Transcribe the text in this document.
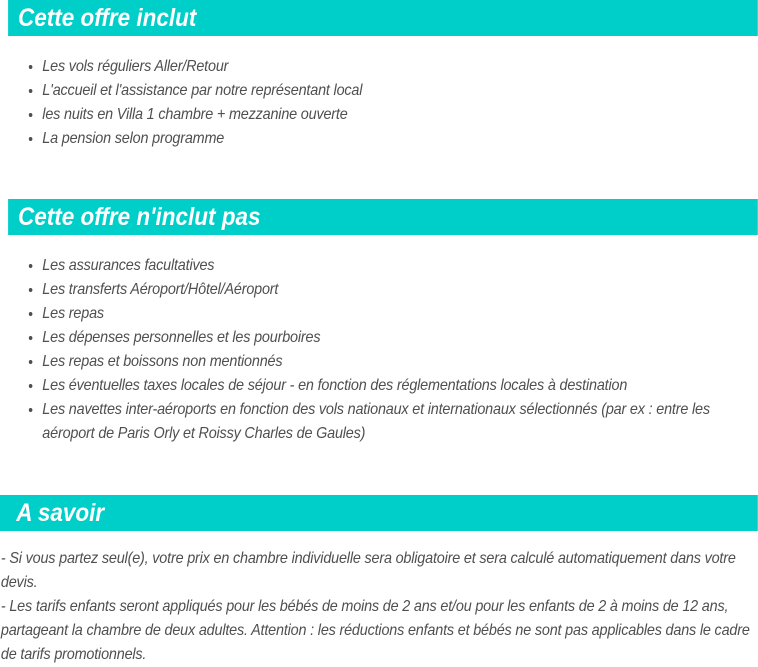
Cette offre inclut
• Les vols réguliers Aller/Retour
• L'accueil et l'assistance par notre représentant local
• les nuits en Villa 1 chambre + mezzanine ouverte
• La pension selon programme
Cette offre n'inclut pas
• Les assurances facultatives
• Les transferts Aéroport/Hôtel/Aéroport
• Les repas
• Les dépenses personnelles et les pourboires
• Les repas et boissons non mentionnés
• Les éventuelles taxes locales de séjour - en fonction des réglementations locales à destination
• Les navettes inter-aéroports en fonction des vols nationaux et internationaux sélectionnés (par ex : entre les aéroport de Paris Orly et Roissy Charles de Gaules)
A savoir

- Si vous partez seul(e), votre prix en chambre individuelle sera obligatoire et sera calculé automatiquement dans votre devis.

- Les tarifs enfants seront appliqués pour les bébés de moins de 2 ans et/ou pour les enfants de 2 à moins de 12 ans, partageant la chambre de deux adultes. Attention : les réductions enfants et bébés ne sont pas applicables dans le cadre de tarifs promotionnels.
